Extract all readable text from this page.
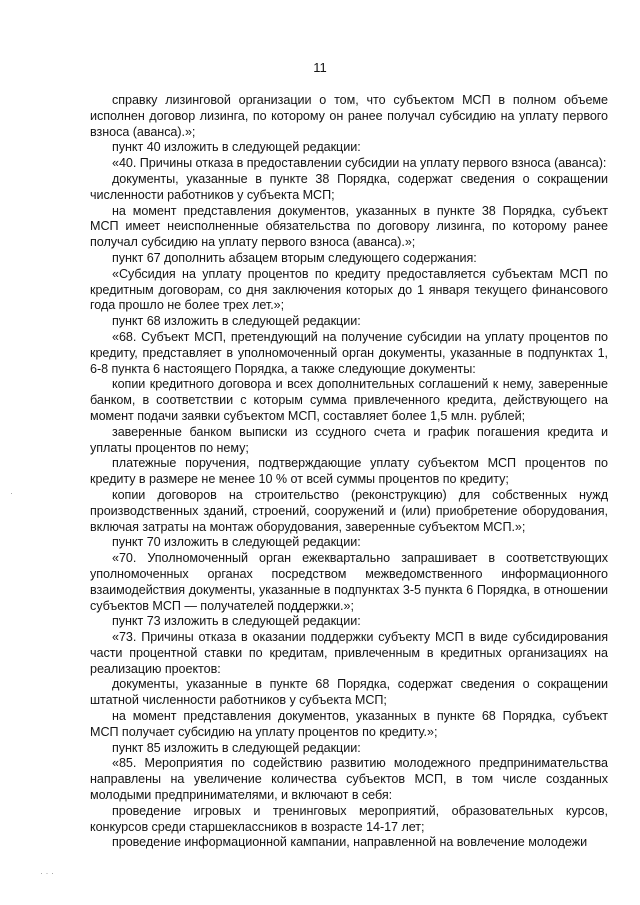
11

справку лизинговой организации о том, что субъектом МСП в полном объеме исполнен договор лизинга, по которому он ранее получал субсидию на уплату первого взноса (аванса).»;

пункт 40 изложить в следующей редакции:

«40. Причины отказа в предоставлении субсидии на уплату первого взноса (аванса):

документы, указанные в пункте 38 Порядка, содержат сведения о сокращении численности работников у субъекта МСП;

на момент представления документов, указанных в пункте 38 Порядка, субъект МСП имеет неисполненные обязательства по договору лизинга, по которому ранее получал субсидию на уплату первого взноса (аванса).»;

пункт 67 дополнить абзацем вторым следующего содержания:

«Субсидия на уплату процентов по кредиту предоставляется субъектам МСП по кредитным договорам, со дня заключения которых до 1 января текущего финансового года прошло не более трех лет.»;

пункт 68 изложить в следующей редакции:

«68. Субъект МСП, претендующий на получение субсидии на уплату процентов по кредиту, представляет в уполномоченный орган документы, указанные в подпунктах 1, 6-8 пункта 6 настоящего Порядка, а также следующие документы:

копии кредитного договора и всех дополнительных соглашений к нему, заверенные банком, в соответствии с которым сумма привлеченного кредита, действующего на момент подачи заявки субъектом МСП, составляет более 1,5 млн. рублей;

заверенные банком выписки из ссудного счета и график погашения кредита и уплаты процентов по нему;

платежные поручения, подтверждающие уплату субъектом МСП процентов по кредиту в размере не менее 10 % от всей суммы процентов по кредиту;

копии договоров на строительство (реконструкцию) для собственных нужд производственных зданий, строений, сооружений и (или) приобретение оборудования, включая затраты на монтаж оборудования, заверенные субъектом МСП.»;

пункт 70 изложить в следующей редакции:

«70. Уполномоченный орган ежеквартально запрашивает в соответствующих уполномоченных органах посредством межведомственного информационного взаимодействия документы, указанные в подпунктах 3-5 пункта 6 Порядка, в отношении субъектов МСП — получателей поддержки.»;

пункт 73 изложить в следующей редакции:

«73. Причины отказа в оказании поддержки субъекту МСП в виде субсидирования части процентной ставки по кредитам, привлеченным в кредитных организациях на реализацию проектов:

документы, указанные в пункте 68 Порядка, содержат сведения о сокращении штатной численности работников у субъекта МСП;

на момент представления документов, указанных в пункте 68 Порядка, субъект МСП получает субсидию на уплату процентов по кредиту.»;

пункт 85 изложить в следующей редакции:

«85. Мероприятия по содействию развитию молодежного предпринимательства направлены на увеличение количества субъектов МСП, в том числе созданных молодыми предпринимателями, и включают в себя:

проведение игровых и тренинговых мероприятий, образовательных курсов, конкурсов среди старшеклассников в возрасте 14-17 лет;

проведение информационной кампании, направленной на вовлечение молодежи

·
· · ·
